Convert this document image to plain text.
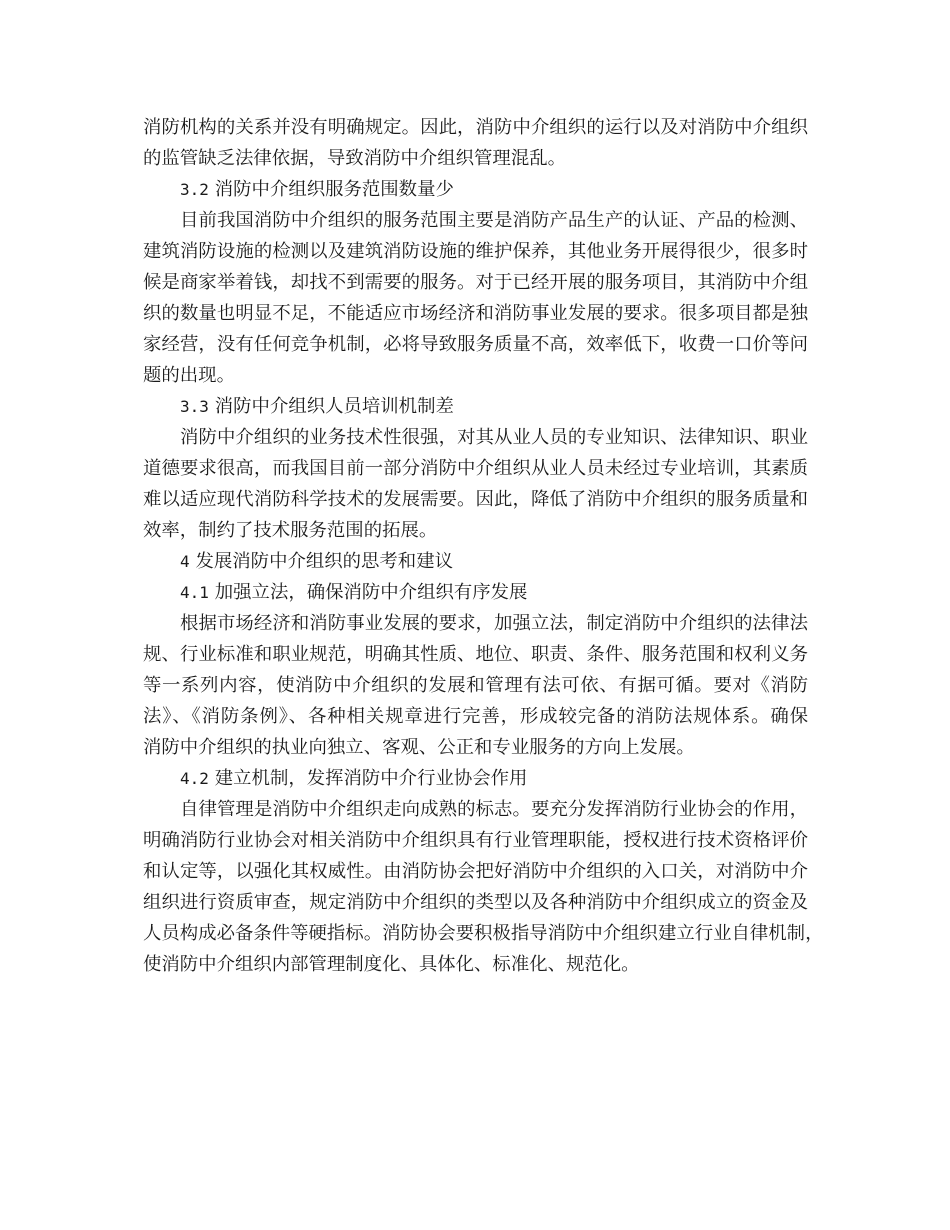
消防机构的关系并没有明确规定。因此，消防中介组织的运行以及对消防中介组织
的监管缺乏法律依据，导致消防中介组织管理混乱。
3.2 消防中介组织服务范围数量少
目前我国消防中介组织的服务范围主要是消防产品生产的认证、产品的检测、
建筑消防设施的检测以及建筑消防设施的维护保养，其他业务开展得很少，很多时
候是商家举着钱，却找不到需要的服务。对于已经开展的服务项目，其消防中介组
织的数量也明显不足，不能适应市场经济和消防事业发展的要求。很多项目都是独
家经营，没有任何竞争机制，必将导致服务质量不高，效率低下，收费一口价等问
题的出现。
3.3 消防中介组织人员培训机制差
消防中介组织的业务技术性很强，对其从业人员的专业知识、法律知识、职业
道德要求很高，而我国目前一部分消防中介组织从业人员未经过专业培训，其素质
难以适应现代消防科学技术的发展需要。因此，降低了消防中介组织的服务质量和
效率，制约了技术服务范围的拓展。
4 发展消防中介组织的思考和建议
4.1 加强立法，确保消防中介组织有序发展
根据市场经济和消防事业发展的要求，加强立法，制定消防中介组织的法律法
规、行业标准和职业规范，明确其性质、地位、职责、条件、服务范围和权利义务
等一系列内容，使消防中介组织的发展和管理有法可依、有据可循。要对《消防
法》、《消防条例》、各种相关规章进行完善，形成较完备的消防法规体系。确保
消防中介组织的执业向独立、客观、公正和专业服务的方向上发展。
4.2 建立机制，发挥消防中介行业协会作用
自律管理是消防中介组织走向成熟的标志。要充分发挥消防行业协会的作用，
明确消防行业协会对相关消防中介组织具有行业管理职能，授权进行技术资格评价
和认定等，以强化其权威性。由消防协会把好消防中介组织的入口关，对消防中介
组织进行资质审查，规定消防中介组织的类型以及各种消防中介组织成立的资金及
人员构成必备条件等硬指标。消防协会要积极指导消防中介组织建立行业自律机制，
使消防中介组织内部管理制度化、具体化、标准化、规范化。
